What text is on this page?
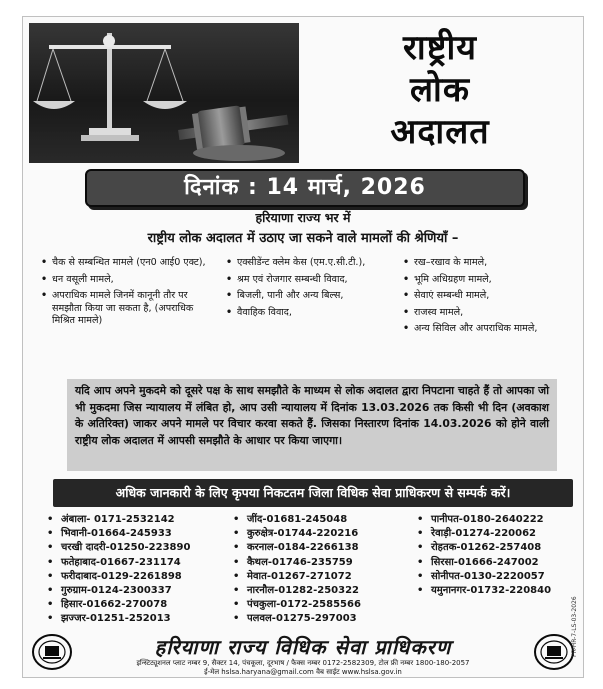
राष्ट्रीय
लोक
अदालत
दिनांक : 14 मार्च, 2026
हरियाणा राज्य भर में
राष्ट्रीय लोक अदालत में उठाए जा सकने वाले मामलों की श्रेणियाँ –
• चैक से सम्बन्धित मामले (एन0 आई0 एक्ट),
• धन वसूली मामले,
• अपराधिक मामले जिनमें कानूनी तौर पर समझौता किया जा सकता है, (अपराधिक मिश्रित मामले)
• एक्सीडेंन्ट क्लेम केस (एम.ए.सी.टी.),
• श्रम एवं रोजगार सम्बन्धी विवाद,
• बिजली, पानी और अन्य बिल्स,
• वैवाहिक विवाद,
• रख–रखाव के मामले,
• भूमि अधिग्रहण मामले,
• सेवाएं सम्बन्धी मामले,
• राजस्व मामले,
• अन्य सिविल और अपराधिक मामले,
यदि आप अपने मुकदमे को दूसरे पक्ष के साथ समझौते के माध्यम से लोक अदालत द्वारा निपटाना चाहते हैं तो आपका जो भी मुकदमा जिस न्यायालय में लंबित हो, आप उसी न्यायालय में दिनांक 13.03.2026 तक किसी भी दिन (अवकाश के अतिरिक्त) जाकर अपने मामले पर विचार करवा सकते हैं. जिसका निस्तारण दिनांक 14.03.2026 को होने वाली राष्ट्रीय लोक अदालत में आपसी समझौते के आधार पर किया जाएगा।
अधिक जानकारी के लिए कृपया निकटतम जिला विधिक सेवा प्राधिकरण से सम्पर्क करें।
• अंबाला- 0171-2532142
• भिवानी-01664-245933
• चरखी दादरी-01250-223890
• फतेहाबाद-01667-231174
• फरीदाबाद-0129-2261898
• गुरुग्राम-0124-2300337
• हिसार-01662-270078
• झज्जर-01251-252013
• जींद-01681-245048
• कुरुक्षेत्र-01744-220216
• करनाल-0184-2266138
• कैथल-01746-235759
• मेवात-01267-271072
• नारनौल-01282-250322
• पंचकुला-0172-2585566
• पलवल-01275-297003
• पानीपत-0180-2640222
• रेवाड़ी-01274-220062
• रोहतक-01262-257408
• सिरसा-01666-247002
• सोनीपत-0130-2220057
• यमुनानगर-01732-220840
हरियाणा राज्य विधिक सेवा प्राधिकरण
इन्स्टिट्यूशनल प्लाट नम्बर 9, सैक्टर 14, पंचकूला, दूरभाष / फैक्स नम्बर 0172-2582309, टोल फ्री नम्बर 1800-180-2057
ई-मेल hslsa.haryana@gmail.com वैब साईट www.hslsa.gov.in
PR-HR-7-LS-03-2026
